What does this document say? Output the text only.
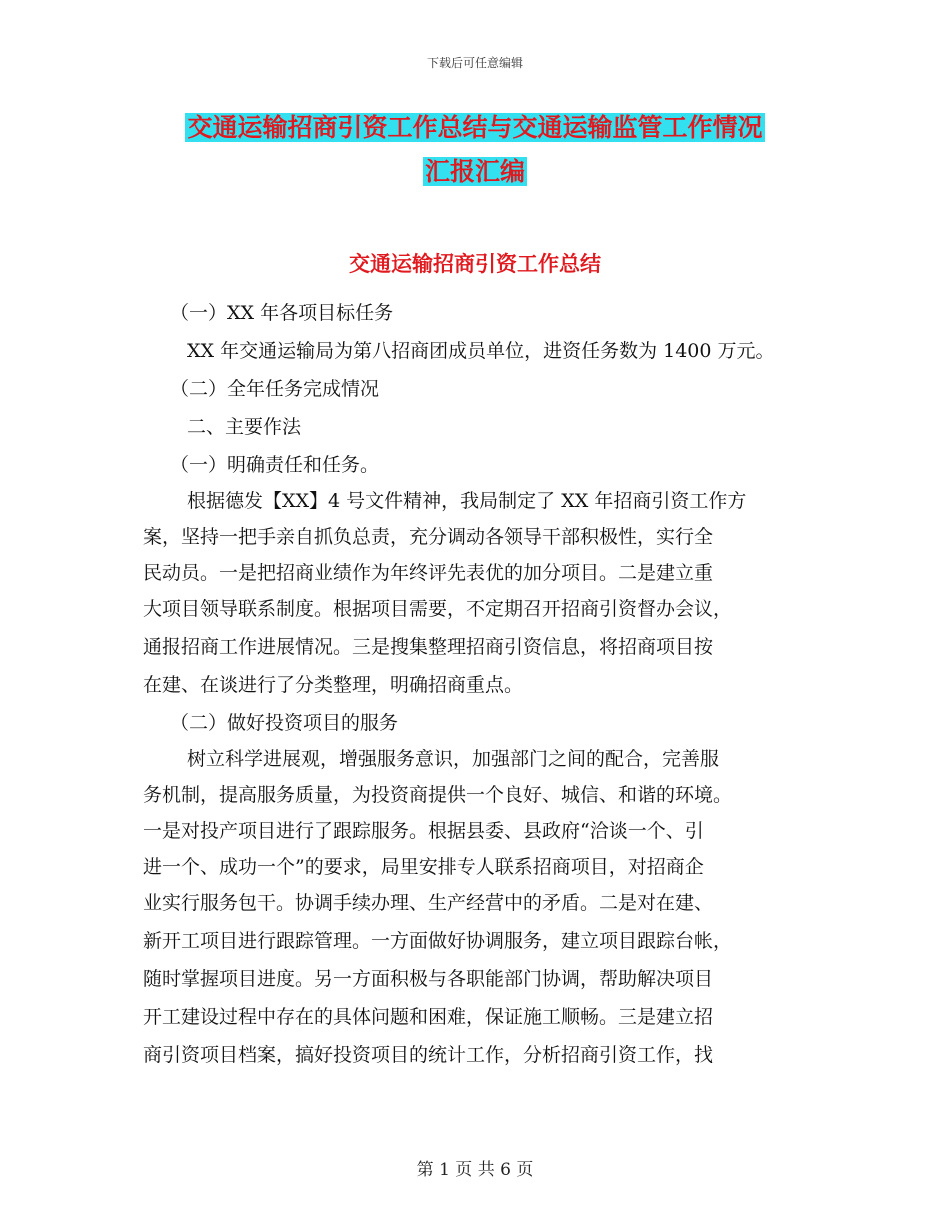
下载后可任意编辑
交通运输招商引资工作总结与交通运输监管工作情况
汇报汇编
交通运输招商引资工作总结
（一）XX 年各项目标任务
XX 年交通运输局为第八招商团成员单位，进资任务数为 1400 万元。
（二）全年任务完成情况
二、主要作法
（一）明确责任和任务。
根据德发【XX】4 号文件精神，我局制定了 XX 年招商引资工作方
案，坚持一把手亲自抓负总责，充分调动各领导干部积极性，实行全
民动员。一是把招商业绩作为年终评先表优的加分项目。二是建立重
大项目领导联系制度。根据项目需要，不定期召开招商引资督办会议，
通报招商工作进展情况。三是搜集整理招商引资信息，将招商项目按
在建、在谈进行了分类整理，明确招商重点。
（二）做好投资项目的服务
树立科学进展观，增强服务意识，加强部门之间的配合，完善服
务机制，提高服务质量，为投资商提供一个良好、城信、和谐的环境。
一是对投产项目进行了跟踪服务。根据县委、县政府“洽谈一个、引
进一个、成功一个”的要求，局里安排专人联系招商项目，对招商企
业实行服务包干。协调手续办理、生产经营中的矛盾。二是对在建、
新开工项目进行跟踪管理。一方面做好协调服务，建立项目跟踪台帐，
随时掌握项目进度。另一方面积极与各职能部门协调，帮助解决项目
开工建设过程中存在的具体问题和困难，保证施工顺畅。三是建立招
商引资项目档案，搞好投资项目的统计工作，分析招商引资工作，找
第 1 页 共 6 页
